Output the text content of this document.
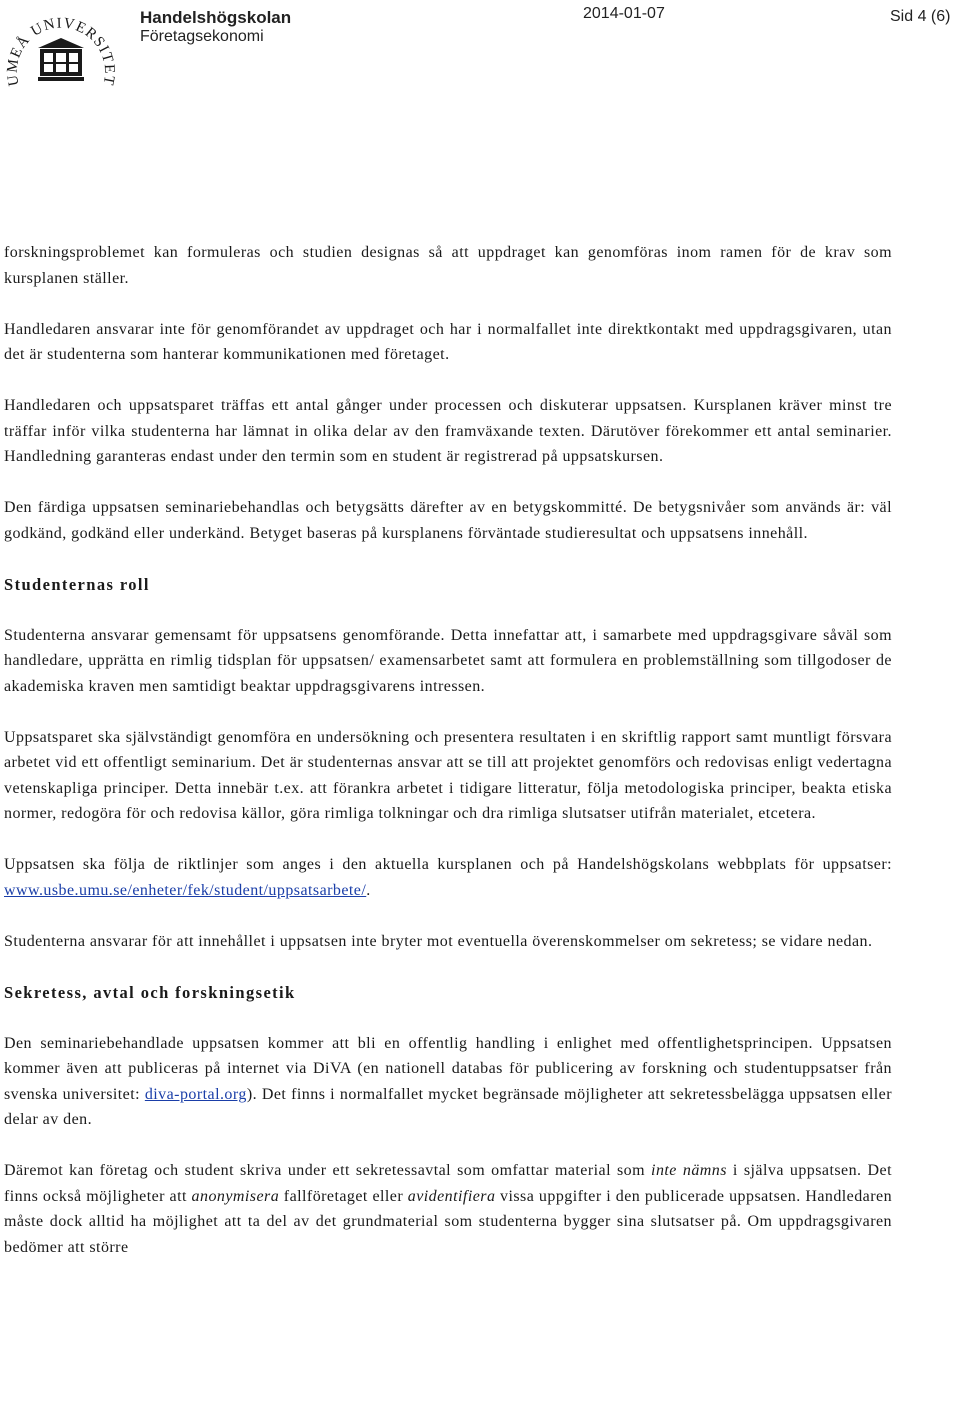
UMEÅ UNIVERSITET
Handelshögskolan
Företagsekonomi
2014-01-07	Sid 4 (6)

forskningsproblemet kan formuleras och studien designas så att uppdraget kan genomföras inom ramen för de krav som kursplanen ställer.

Handledaren ansvarar inte för genomförandet av uppdraget och har i normalfallet inte direktkontakt med uppdragsgivaren, utan det är studenterna som hanterar kommunikationen med företaget.

Handledaren och uppsatsparet träffas ett antal gånger under processen och diskuterar uppsatsen. Kursplanen kräver minst tre träffar inför vilka studenterna har lämnat in olika delar av den framväxande texten. Därutöver förekommer ett antal seminarier. Handledning garanteras endast under den termin som en student är registrerad på uppsatskursen.

Den färdiga uppsatsen seminariebehandlas och betygsätts därefter av en betygskommitté. De betygsnivåer som används är: väl godkänd, godkänd eller underkänd. Betyget baseras på kursplanens förväntade studieresultat och uppsatsens innehåll.

Studenternas roll

Studenterna ansvarar gemensamt för uppsatsens genomförande. Detta innefattar att, i samarbete med uppdragsgivare såväl som handledare, upprätta en rimlig tidsplan för uppsatsen/ examensarbetet samt att formulera en problemställning som tillgodoser de akademiska kraven men samtidigt beaktar uppdragsgivarens intressen.

Uppsatsparet ska självständigt genomföra en undersökning och presentera resultaten i en skriftlig rapport samt muntligt försvara arbetet vid ett offentligt seminarium. Det är studenternas ansvar att se till att projektet genomförs och redovisas enligt vedertagna vetenskapliga principer. Detta innebär t.ex. att förankra arbetet i tidigare litteratur, följa metodologiska principer, beakta etiska normer, redogöra för och redovisa källor, göra rimliga tolkningar och dra rimliga slutsatser utifrån materialet, etcetera.

Uppsatsen ska följa de riktlinjer som anges i den aktuella kursplanen och på Handelshögskolans webbplats för uppsatser: www.usbe.umu.se/enheter/fek/student/uppsatsarbete/.

Studenterna ansvarar för att innehållet i uppsatsen inte bryter mot eventuella överenskommelser om sekretess; se vidare nedan.

Sekretess, avtal och forskningsetik

Den seminariebehandlade uppsatsen kommer att bli en offentlig handling i enlighet med offentlighetsprincipen. Uppsatsen kommer även att publiceras på internet via DiVA (en nationell databas för publicering av forskning och studentuppsatser från svenska universitet: diva-portal.org). Det finns i normalfallet mycket begränsade möjligheter att sekretessbelägga uppsatsen eller delar av den.

Däremot kan företag och student skriva under ett sekretessavtal som omfattar material som inte nämns i själva uppsatsen. Det finns också möjligheter att anonymisera fallföretaget eller avidentifiera vissa uppgifter i den publicerade uppsatsen. Handledaren måste dock alltid ha möjlighet att ta del av det grundmaterial som studenterna bygger sina slutsatser på. Om uppdragsgivaren bedömer att större
